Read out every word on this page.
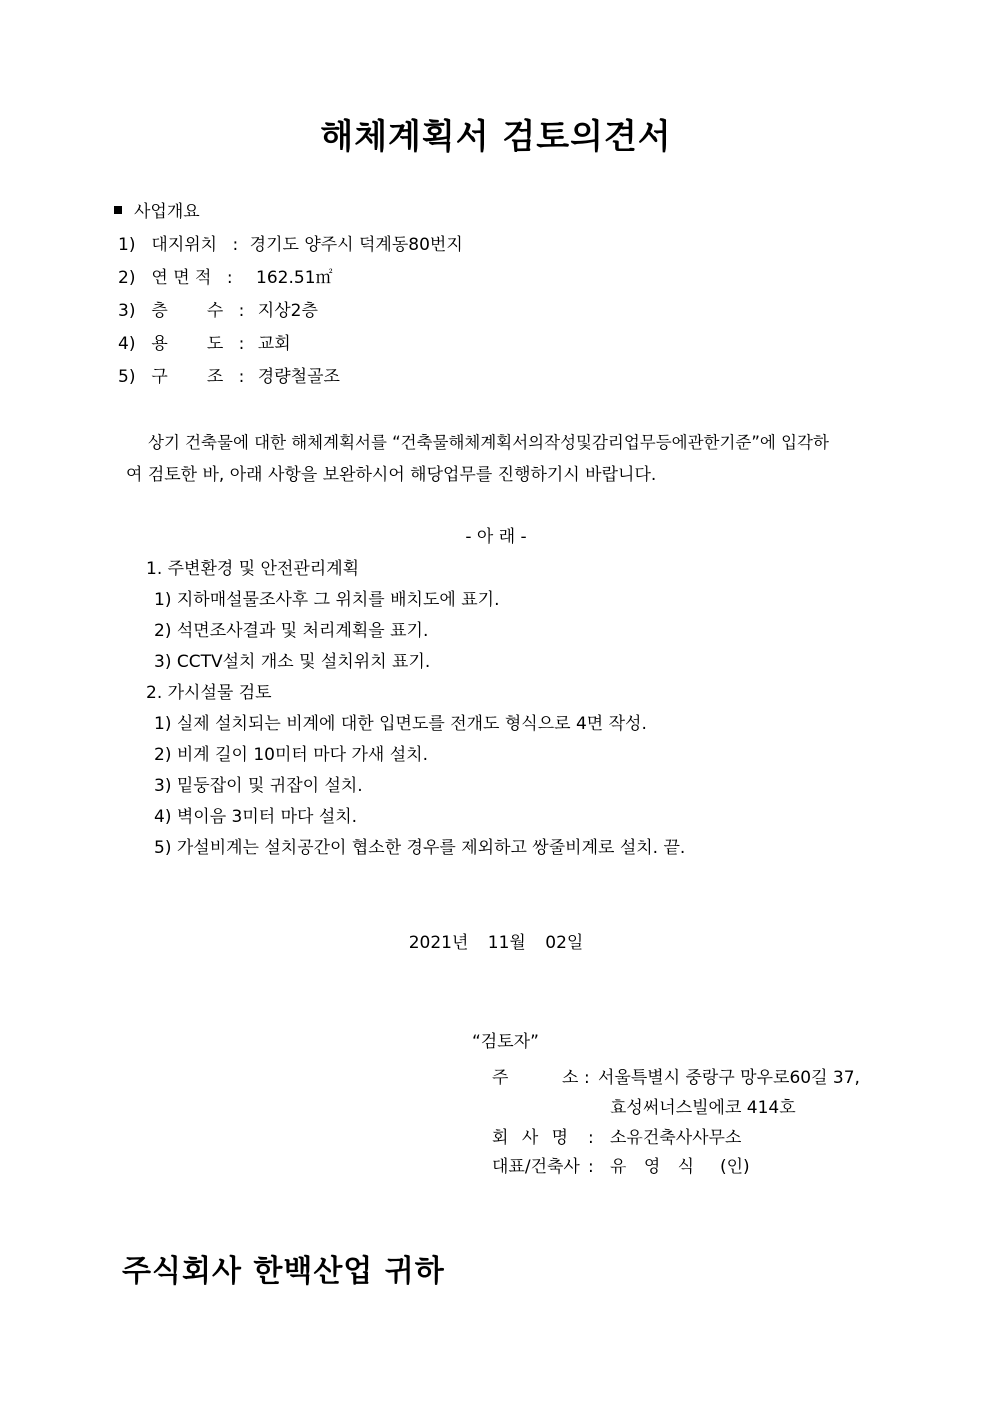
해체계획서 검토의견서
사업개요
1) 대지위치 : 경기도 양주시 덕계동80번지
2) 연 면 적 : 162.51㎡
3) 층 수 : 지상2층
4) 용 도 : 교회
5) 구 조 : 경량철골조
상기 건축물에 대한 해체계획서를 “건축물해체계획서의작성및감리업무등에관한기준”에 입각하
여 검토한 바, 아래 사항을 보완하시어 해당업무를 진행하기시 바랍니다.
- 아 래 -
1. 주변환경 및 안전관리계획
1) 지하매설물조사후 그 위치를 배치도에 표기.
2) 석면조사결과 및 처리계획을 표기.
3) CCTV설치 개소 및 설치위치 표기.
2. 가시설물 검토
1) 실제 설치되는 비계에 대한 입면도를 전개도 형식으로 4면 작성.
2) 비계 길이 10미터 마다 가새 설치.
3) 밑둥잡이 및 귀잡이 설치.
4) 벽이음 3미터 마다 설치.
5) 가설비계는 설치공간이 협소한 경우를 제외하고 쌍줄비계로 설치. 끝.
2021년 11월 02일
“검토자”
주	소 : 서울특별시 중랑구 망우로60길 37,
효성써너스빌에코 414호
회 사 명 : 소유건축사사무소
대표/건축사 : 유 영 식 (인)
주식회사 한백산업 귀하
